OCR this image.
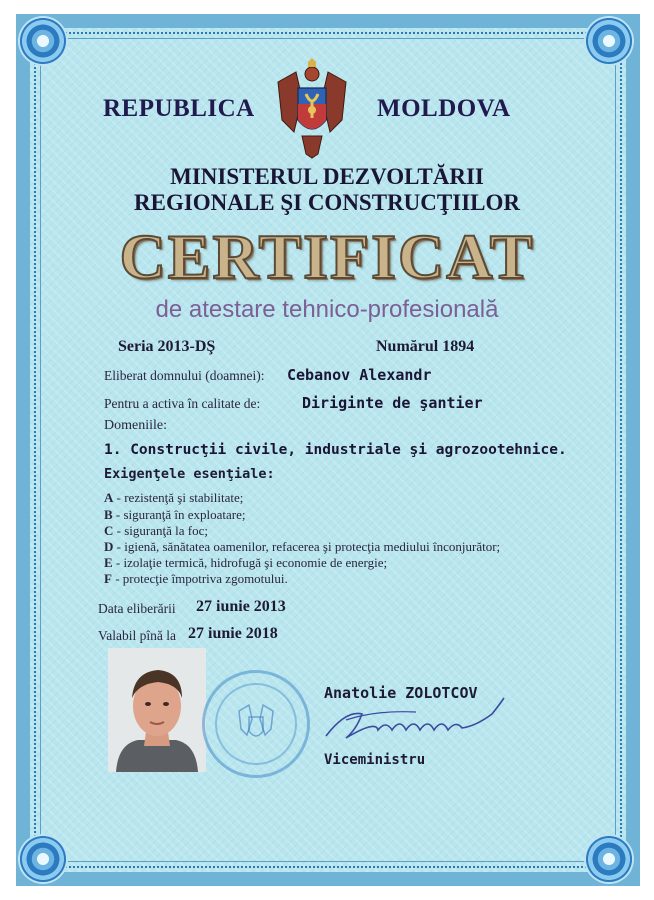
REPUBLICA	MOLDOVA
MINISTERUL DEZVOLTĂRII
REGIONALE ŞI CONSTRUCŢIILOR
CERTIFICAT
de atestare tehnico-profesională
Seria 2013-DŞ	Numărul 1894
Eliberat domnului (doamnei): Cebanov Alexandr
Pentru a activa în calitate de:	Diriginte de şantier
Domeniile:
1. Construcţii civile, industriale şi agrozootehnice.
Exigenţele esenţiale:
A - rezistenţă şi stabilitate;
B - siguranţă în exploatare;
C - siguranţă la foc;
D - igienă, sănătatea oamenilor, refacerea şi protecţia mediului înconjurător;
E - izolaţie termică, hidrofugă şi economie de energie;
F - protecţie împotriva zgomotului.
Data eliberării 27 iunie 2013
Valabil pînă la 27 iunie 2018
Anatolie ZOLOTCOV
Viceministru
